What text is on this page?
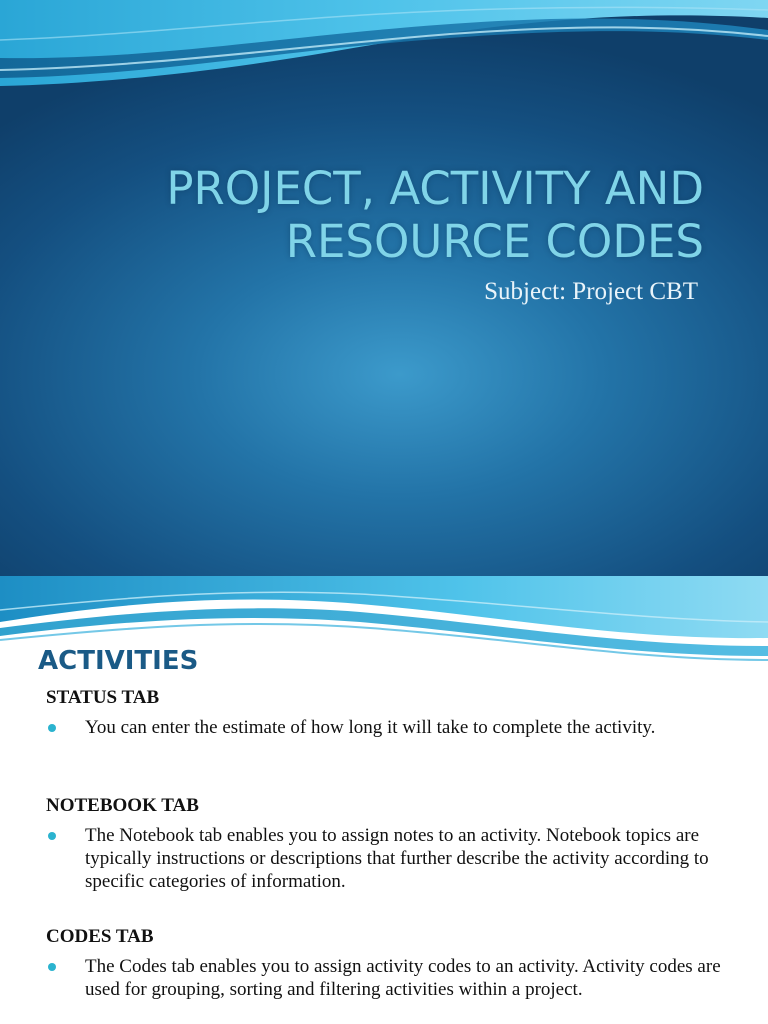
PROJECT, ACTIVITY AND
RESOURCE CODES
Subject: Project CBT
ACTIVITIES
STATUS TAB
You can enter the estimate of how long it will take to complete the activity.
NOTEBOOK TAB
The Notebook tab enables you to assign notes to an activity. Notebook topics are typically instructions or descriptions that further describe the activity according to specific categories of information.
CODES TAB
The Codes tab enables you to assign activity codes to an activity. Activity codes are used for grouping, sorting and filtering activities within a project.
